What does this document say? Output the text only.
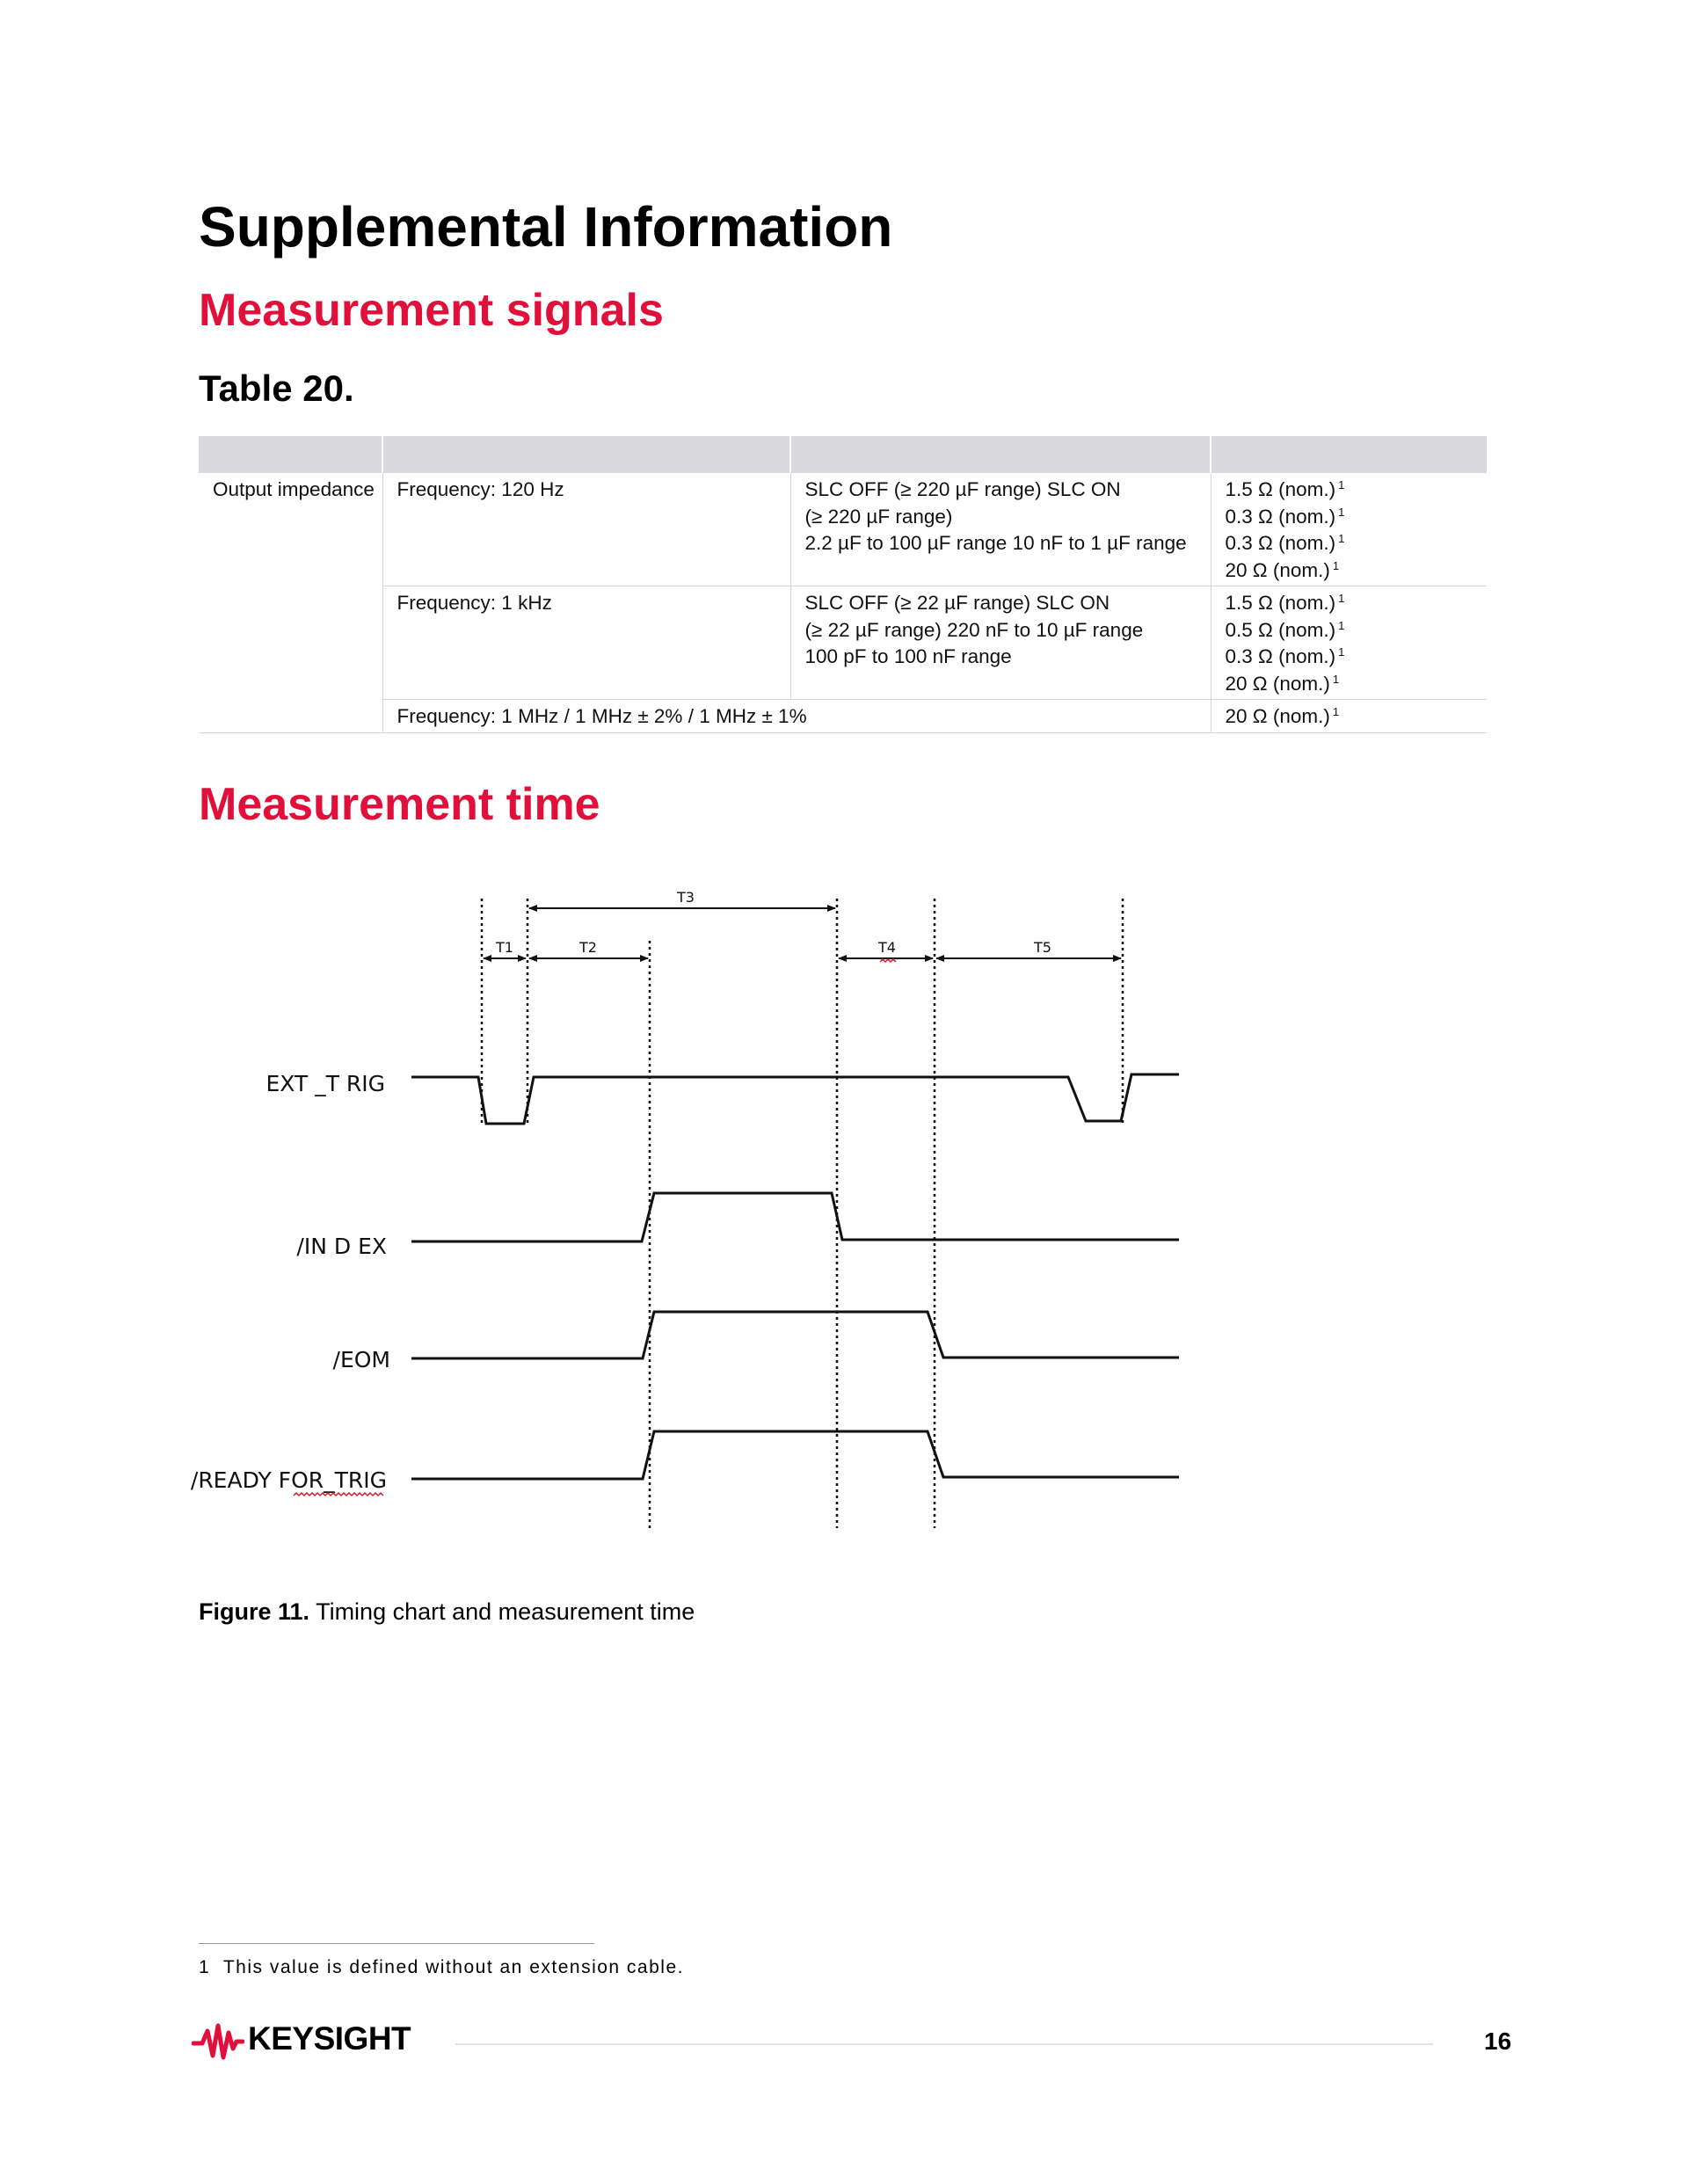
Supplemental Information
Measurement signals
Table 20.

Output impedance	Frequency: 120 Hz	SLC OFF (≥ 220 µF range) SLC ON
(≥ 220 µF range)
2.2 µF to 100 µF range 10 nF to 1 µF range	1.5 Ω (nom.) $^1$
0.3 Ω (nom.) $^1$
0.3 Ω (nom.) $^1$
20 Ω (nom.) $^1$

	Frequency: 1 kHz	SLC OFF (≥ 22 µF range) SLC ON
(≥ 22 µF range) 220 nF to 10 µF range
100 pF to 100 nF range	1.5 Ω (nom.) $^1$
0.5 Ω (nom.) $^1$
0.3 Ω (nom.) $^1$
20 Ω (nom.) $^1$

	Frequency: 1 MHz / 1 MHz ± 2% / 1 MHz ± 1%		20 Ω (nom.) $^1$
Measurement time
T3
T1	T2	T4	T5
EXT _T RIG
/IN D EX
/EOM
/READY FOR_TRIG

Figure 11. Timing chart and measurement time

1 This value is defined without an extension cable.

KEYSIGHT	16
